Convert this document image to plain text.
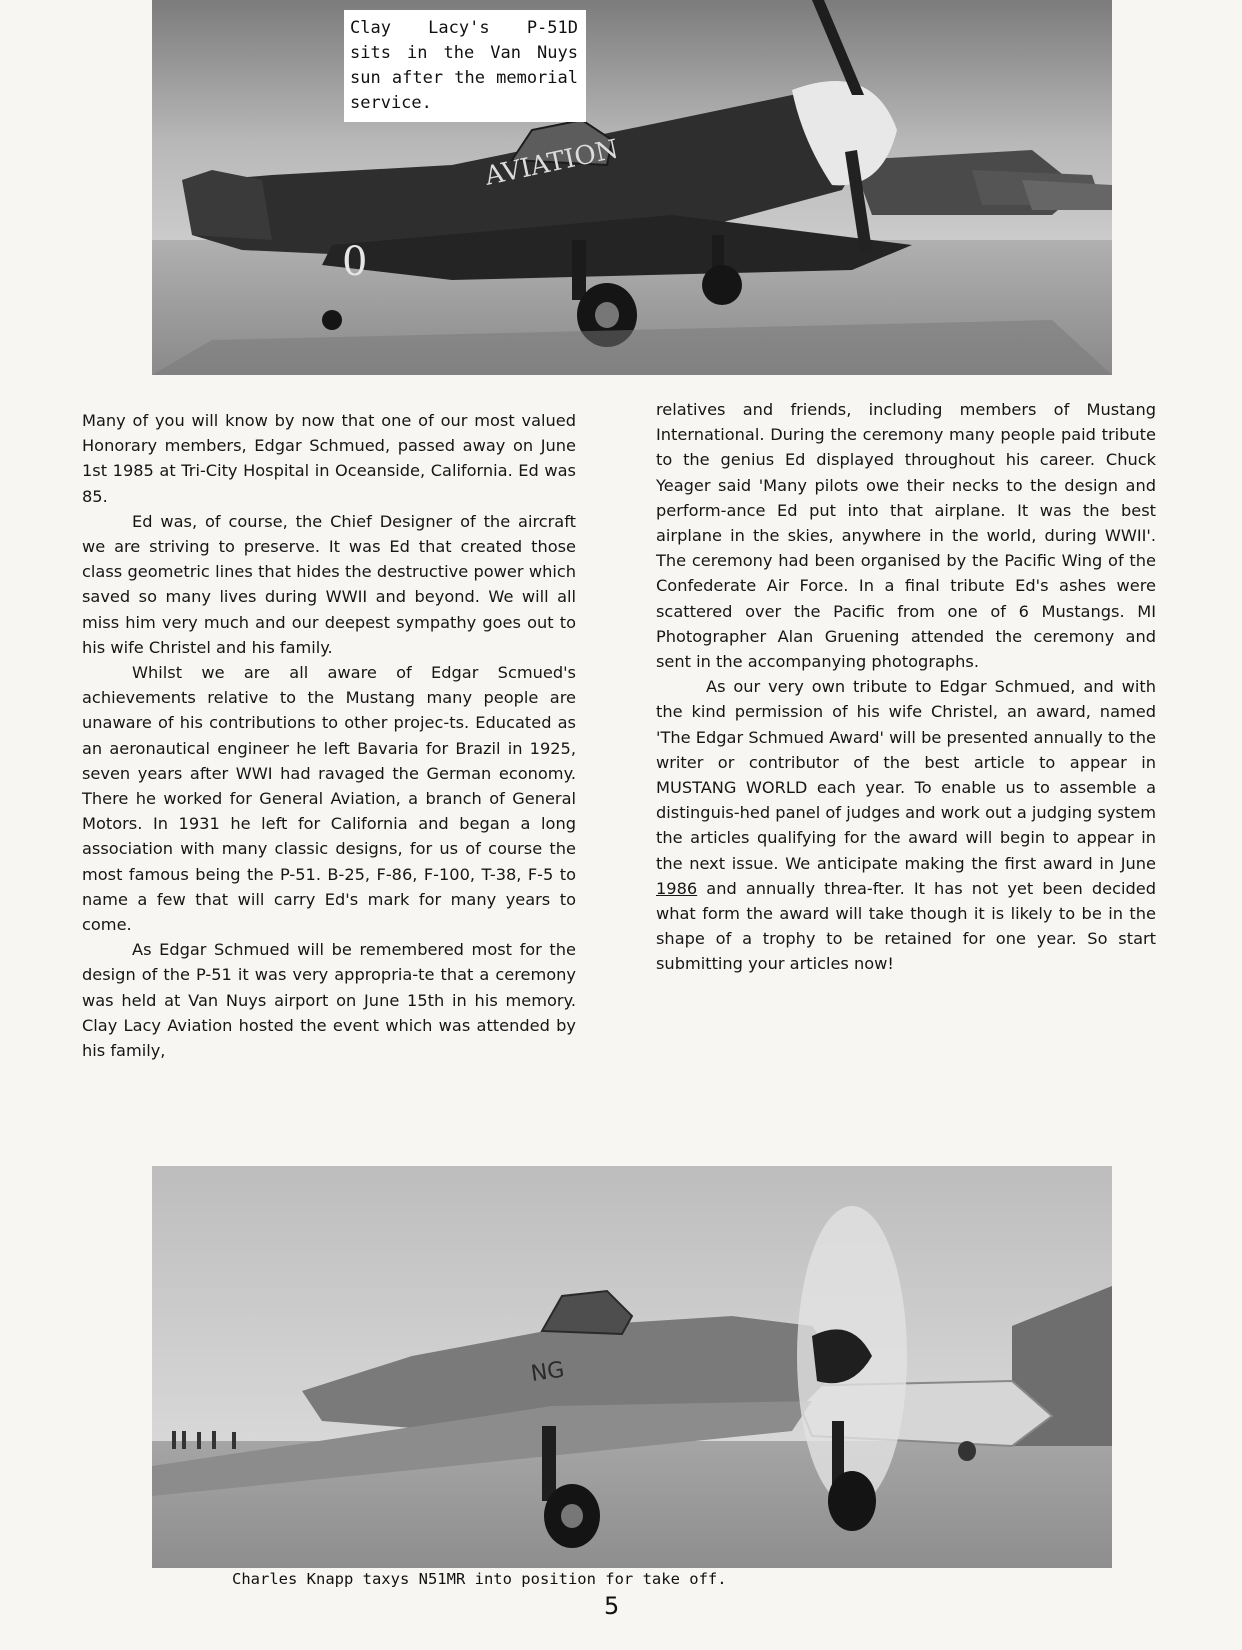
AVIATION
0
Clay Lacy's P-51D
sits in the Van Nuys
sun after the memorial
service.

Many of you will know by now that one of our most valued Honorary members, Edgar Schmued, passed away on June 1st 1985 at Tri-City Hospital in Oceanside, California. Ed was 85.

Ed was, of course, the Chief Designer of the aircraft we are striving to preserve. It was Ed that created those class geometric lines that hides the destructive power which saved so many lives during WWII and beyond. We will all miss him very much and our deepest sympathy goes out to his wife Christel and his family.

Whilst we are all aware of Edgar Scmued's achievements relative to the Mustang many people are unaware of his contributions to other projec-ts. Educated as an aeronautical engineer he left Bavaria for Brazil in 1925, seven years after WWI had ravaged the German economy. There he worked for General Aviation, a branch of General Motors. In 1931 he left for California and began a long association with many classic designs, for us of course the most famous being the P-51. B-25, F-86, F-100, T-38, F-5 to name a few that will carry Ed's mark for many years to come.

As Edgar Schmued will be remembered most for the design of the P-51 it was very appropria-te that a ceremony was held at Van Nuys airport on June 15th in his memory. Clay Lacy Aviation hosted the event which was attended by his family,

relatives and friends, including members of Mustang International. During the ceremony many people paid tribute to the genius Ed displayed throughout his career. Chuck Yeager said 'Many pilots owe their necks to the design and perform-ance Ed put into that airplane. It was the best airplane in the skies, anywhere in the world, during WWII'. The ceremony had been organised by the Pacific Wing of the Confederate Air Force. In a final tribute Ed's ashes were scattered over the Pacific from one of 6 Mustangs. MI Photographer Alan Gruening attended the ceremony and sent in the accompanying photographs.

As our very own tribute to Edgar Schmued, and with the kind permission of his wife Christel, an award, named 'The Edgar Schmued Award' will be presented annually to the writer or contributor of the best article to appear in MUSTANG WORLD each year. To enable us to assemble a distinguis-hed panel of judges and work out a judging system the articles qualifying for the award will begin to appear in the next issue. We anticipate making the first award in June 1986 and annually threa-fter. It has not yet been decided what form the award will take though it is likely to be in the shape of a trophy to be retained for one year. So start submitting your articles now!

NG
Charles Knapp taxys N51MR into position for take off.
5
